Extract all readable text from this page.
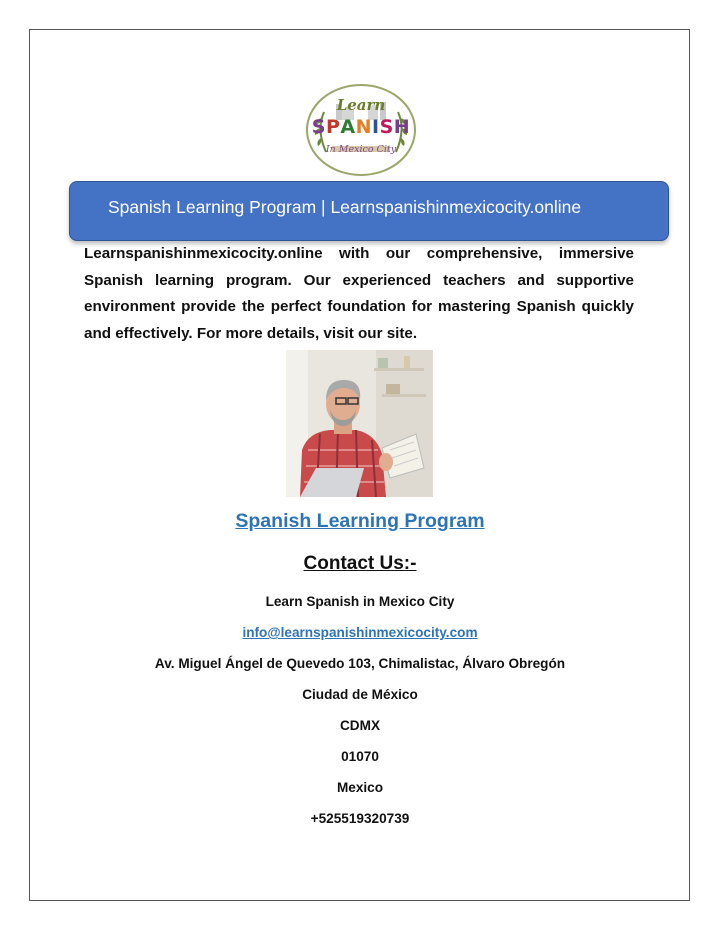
Learn
SPANISH
In Mexico City
Spanish Learning Program | Learnspanishinmexicocity.online
Learnspanishinmexicocity.online with our comprehensive, immersive Spanish learning program. Our experienced teachers and supportive environment provide the perfect foundation for mastering Spanish quickly and effectively. For more details, visit our site.
Spanish Learning Program
Contact Us:-
Learn Spanish in Mexico City
info@learnspanishinmexicocity.com
Av. Miguel Ángel de Quevedo 103, Chimalistac, Álvaro Obregón
Ciudad de México
CDMX
01070
Mexico
+525519320739
